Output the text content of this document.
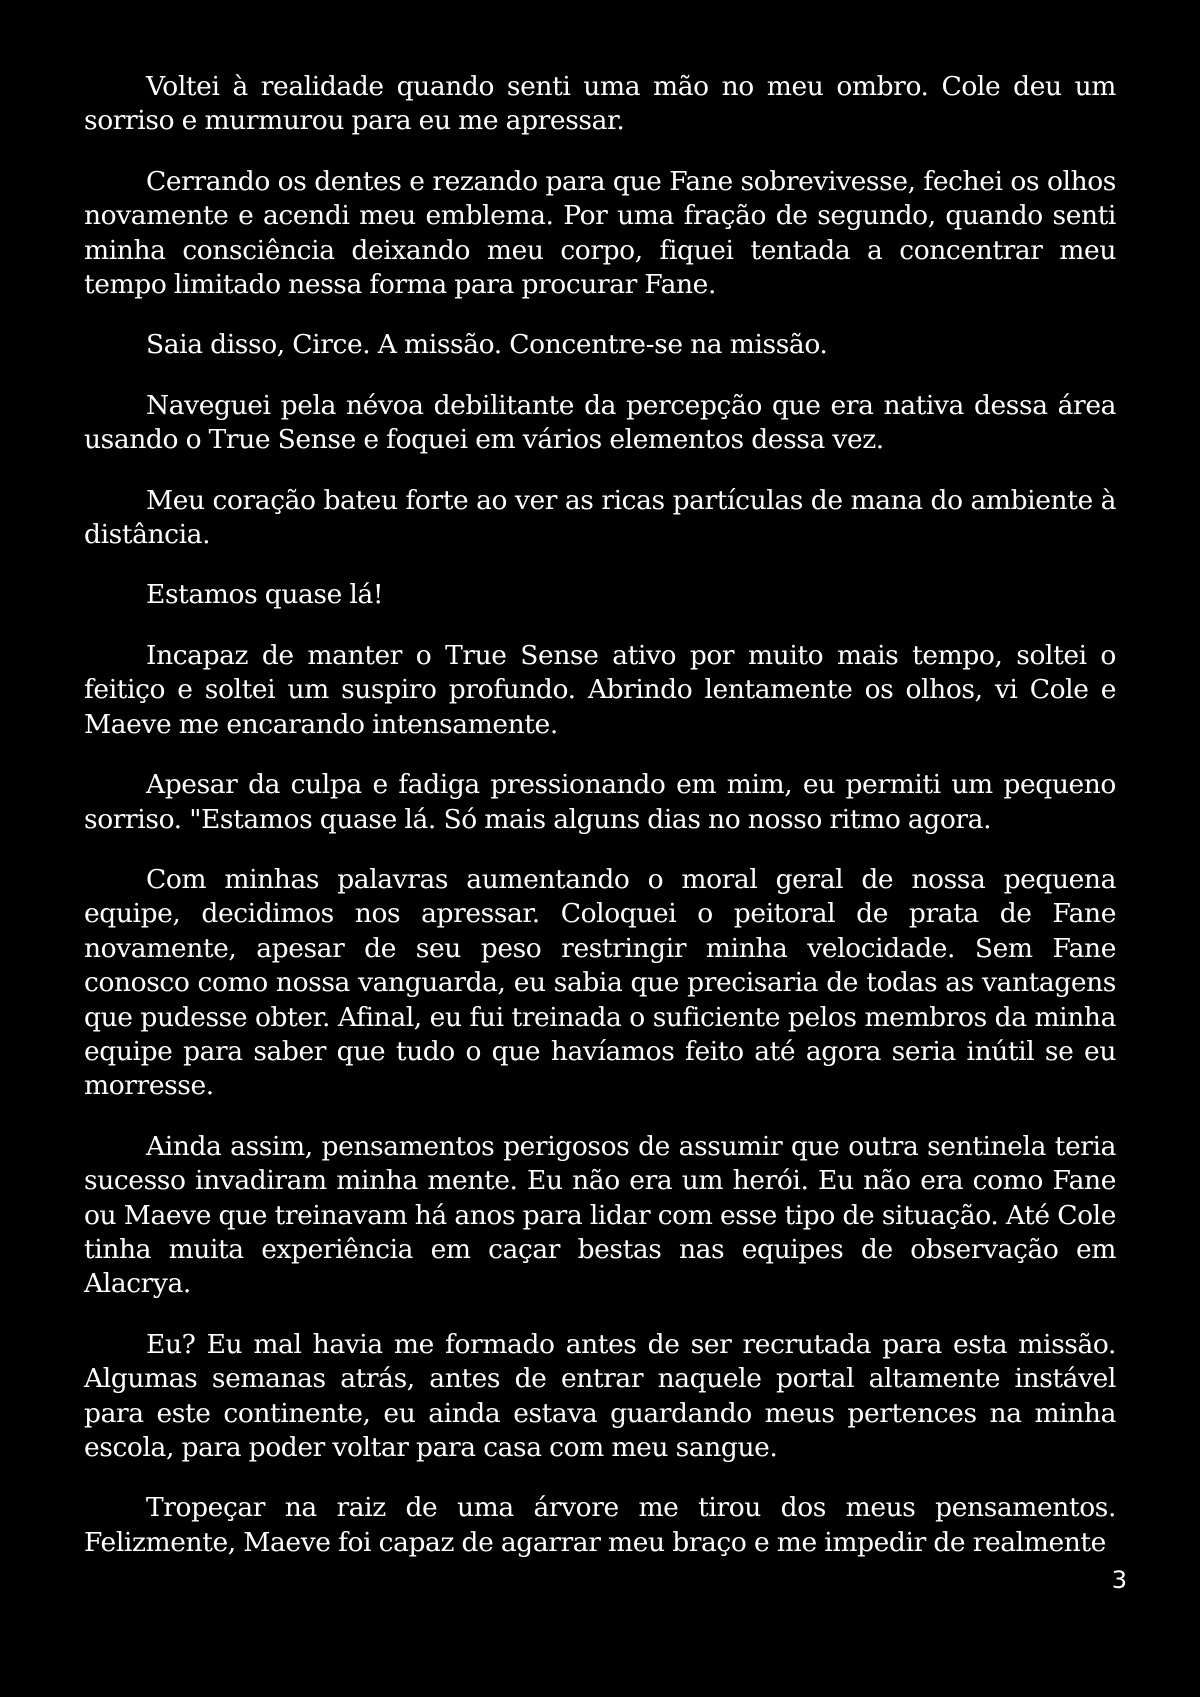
Voltei à realidade quando senti uma mão no meu ombro. Cole deu um sorriso e murmurou para eu me apressar.

Cerrando os dentes e rezando para que Fane sobrevivesse, fechei os olhos novamente e acendi meu emblema. Por uma fração de segundo, quando senti minha consciência deixando meu corpo, fiquei tentada a concentrar meu tempo limitado nessa forma para procurar Fane.

Saia disso, Circe. A missão. Concentre-se na missão.

Naveguei pela névoa debilitante da percepção que era nativa dessa área usando o True Sense e foquei em vários elementos dessa vez.

Meu coração bateu forte ao ver as ricas partículas de mana do ambiente à distância.

Estamos quase lá!

Incapaz de manter o True Sense ativo por muito mais tempo, soltei o feitiço e soltei um suspiro profundo. Abrindo lentamente os olhos, vi Cole e Maeve me encarando intensamente.

Apesar da culpa e fadiga pressionando em mim, eu permiti um pequeno sorriso. "Estamos quase lá. Só mais alguns dias no nosso ritmo agora.

Com minhas palavras aumentando o moral geral de nossa pequena equipe, decidimos nos apressar. Coloquei o peitoral de prata de Fane novamente, apesar de seu peso restringir minha velocidade. Sem Fane conosco como nossa vanguarda, eu sabia que precisaria de todas as vantagens que pudesse obter. Afinal, eu fui treinada o suficiente pelos membros da minha equipe para saber que tudo o que havíamos feito até agora seria inútil se eu morresse.

Ainda assim, pensamentos perigosos de assumir que outra sentinela teria sucesso invadiram minha mente. Eu não era um herói. Eu não era como Fane ou Maeve que treinavam há anos para lidar com esse tipo de situação. Até Cole tinha muita experiência em caçar bestas nas equipes de observação em Alacrya.

Eu? Eu mal havia me formado antes de ser recrutada para esta missão. Algumas semanas atrás, antes de entrar naquele portal altamente instável para este continente, eu ainda estava guardando meus pertences na minha escola, para poder voltar para casa com meu sangue.

Tropeçar na raiz de uma árvore me tirou dos meus pensamentos. Felizmente, Maeve foi capaz de agarrar meu braço e me impedir de realmente

3
